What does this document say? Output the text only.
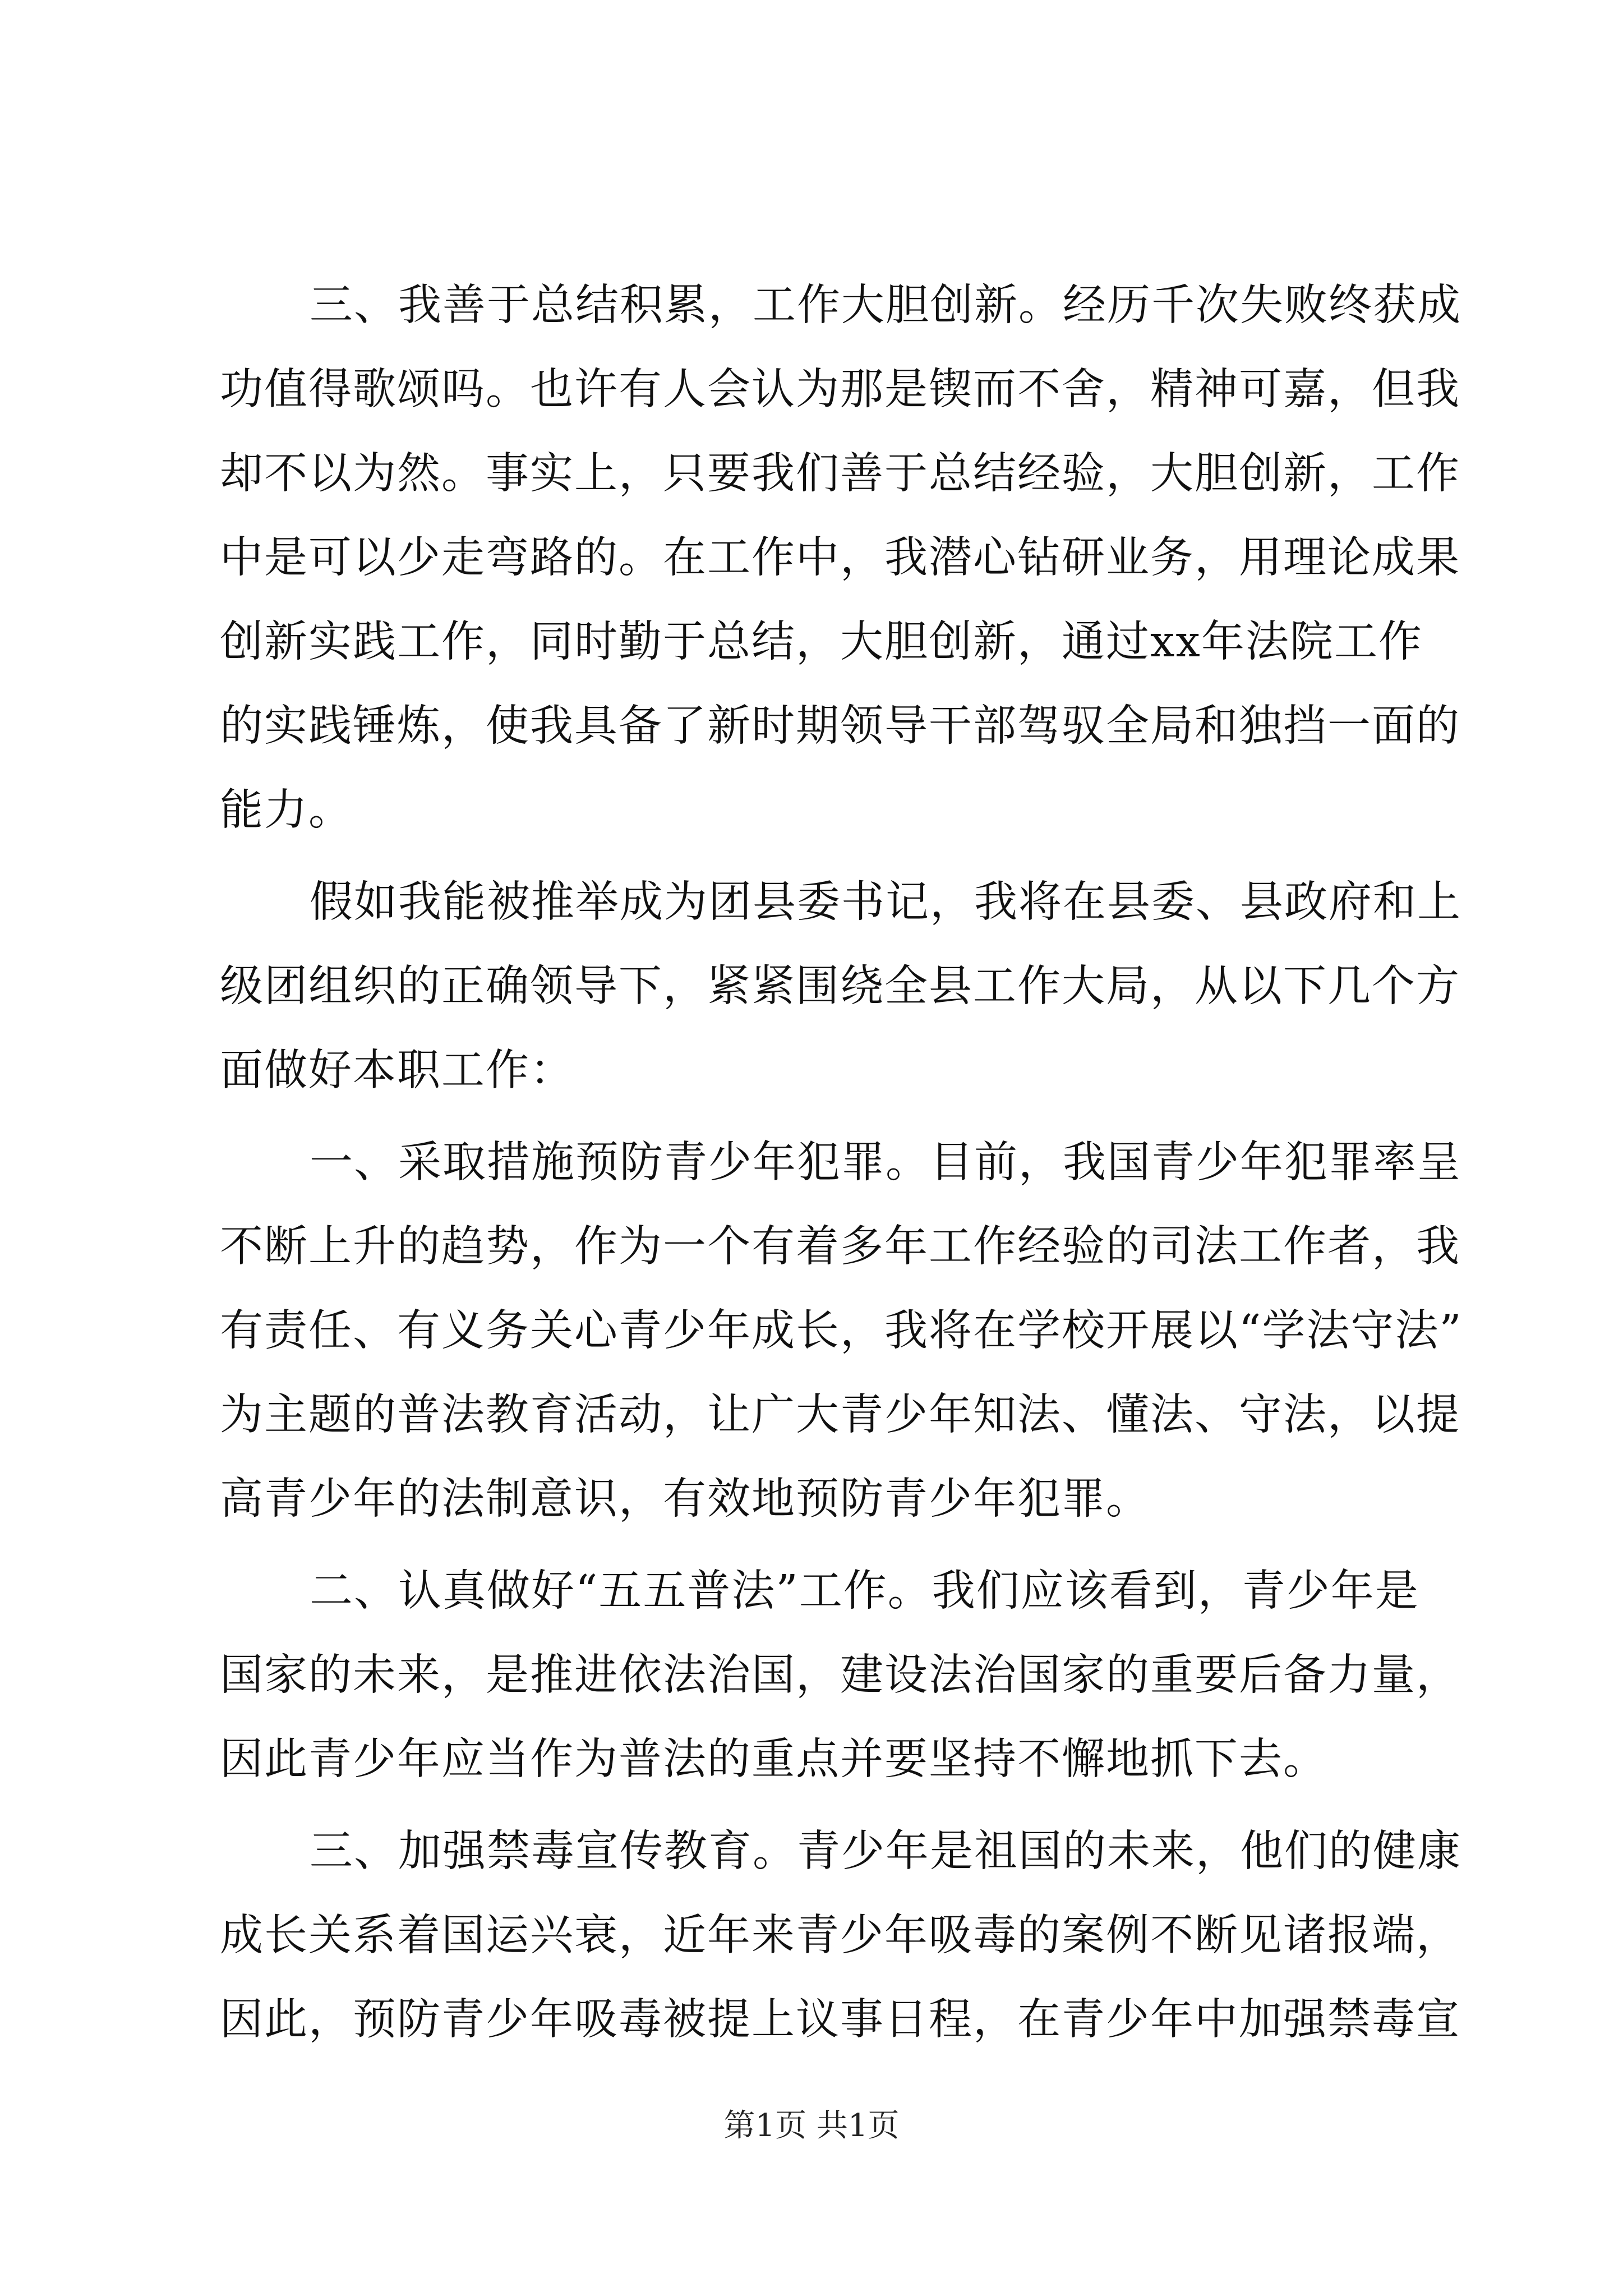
三、我善于总结积累，工作大胆创新。经历千次失败终获成
功值得歌颂吗。也许有人会认为那是锲而不舍，精神可嘉，但我
却不以为然。事实上，只要我们善于总结经验，大胆创新，工作
中是可以少走弯路的。在工作中，我潜心钻研业务，用理论成果
创新实践工作，同时勤于总结，大胆创新，通过xx年法院工作
的实践锤炼，使我具备了新时期领导干部驾驭全局和独挡一面的
能力。
假如我能被推举成为团县委书记，我将在县委、县政府和上
级团组织的正确领导下，紧紧围绕全县工作大局，从以下几个方
面做好本职工作：
一、采取措施预防青少年犯罪。目前，我国青少年犯罪率呈
不断上升的趋势，作为一个有着多年工作经验的司法工作者，我
有责任、有义务关心青少年成长，我将在学校开展以“学法守法”
为主题的普法教育活动，让广大青少年知法、懂法、守法，以提
高青少年的法制意识，有效地预防青少年犯罪。
二、认真做好“五五普法”工作。我们应该看到，青少年是
国家的未来，是推进依法治国，建设法治国家的重要后备力量，
因此青少年应当作为普法的重点并要坚持不懈地抓下去。
三、加强禁毒宣传教育。青少年是祖国的未来，他们的健康
成长关系着国运兴衰，近年来青少年吸毒的案例不断见诸报端，
因此，预防青少年吸毒被提上议事日程，在青少年中加强禁毒宣
第1页 共1页
